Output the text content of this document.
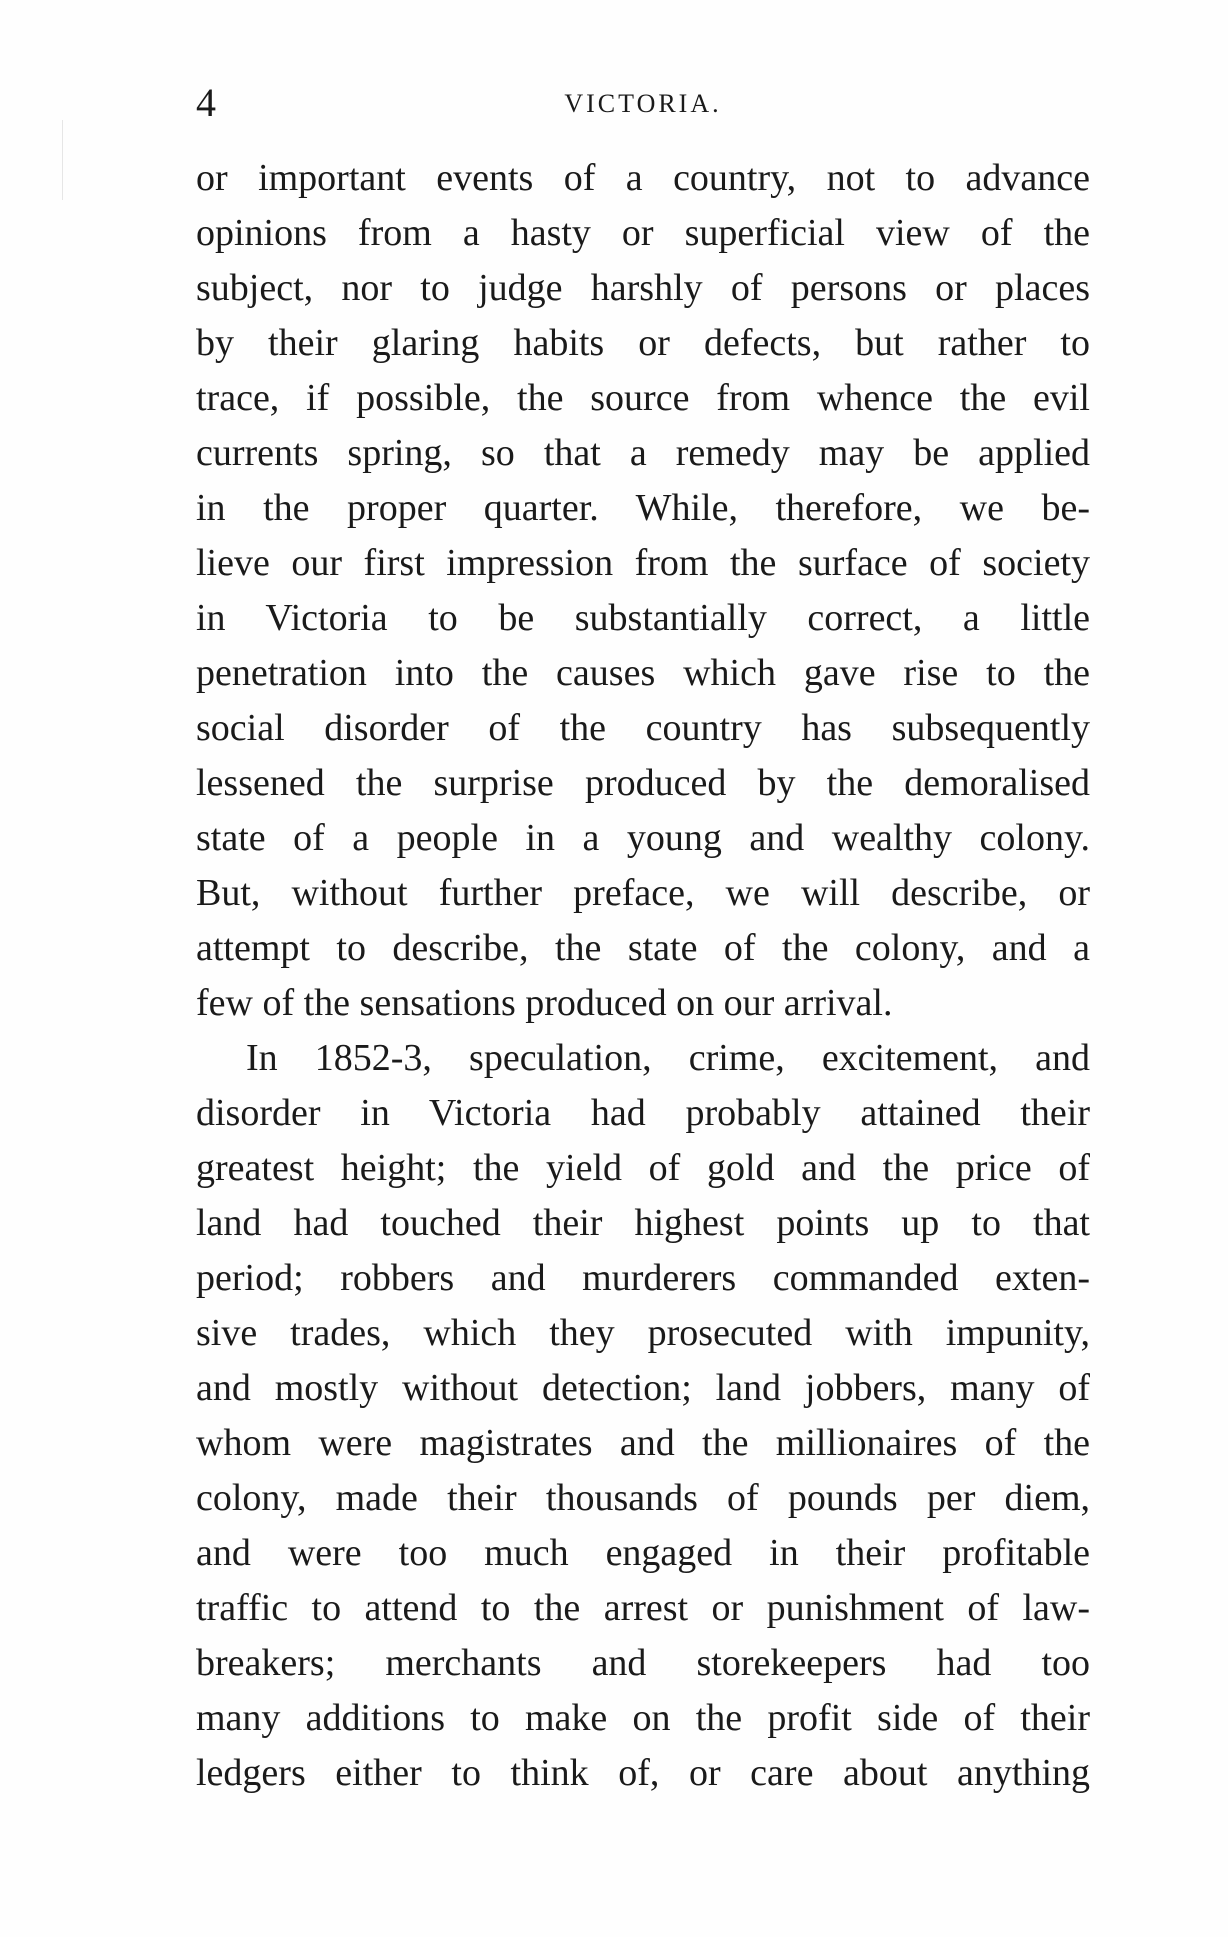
4	VICTORIA.
or important events of a country, not to advance
opinions from a hasty or superficial view of the
subject, nor to judge harshly of persons or places
by their glaring habits or defects, but rather to
trace, if possible, the source from whence the evil
currents spring, so that a remedy may be applied
in the proper quarter. While, therefore, we be-
lieve our first impression from the surface of society
in Victoria to be substantially correct, a little
penetration into the causes which gave rise to the
social disorder of the country has subsequently
lessened the surprise produced by the demoralised
state of a people in a young and wealthy colony.
But, without further preface, we will describe, or
attempt to describe, the state of the colony, and a
few of the sensations produced on our arrival.
In 1852-3, speculation, crime, excitement, and
disorder in Victoria had probably attained their
greatest height; the yield of gold and the price of
land had touched their highest points up to that
period; robbers and murderers commanded exten-
sive trades, which they prosecuted with impunity,
and mostly without detection; land jobbers, many of
whom were magistrates and the millionaires of the
colony, made their thousands of pounds per diem,
and were too much engaged in their profitable
traffic to attend to the arrest or punishment of law-
breakers; merchants and storekeepers had too
many additions to make on the profit side of their
ledgers either to think of, or care about anything
